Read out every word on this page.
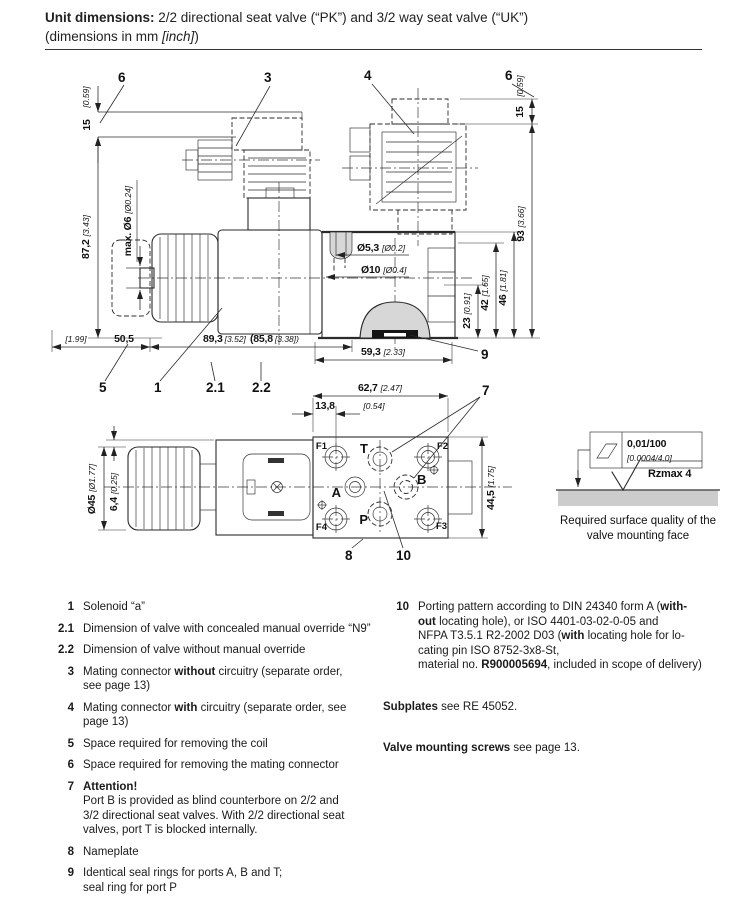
Unit dimensions: 2/2 directional seat valve (“PK”) and 3/2 way seat valve (“UK”)
(dimensions in mm [inch])
[0.59]
15
87,2[3.43]	max. Ø6[Ø0.24]
6	3
Ø5,3 [Ø0.2]
Ø10 [Ø0.4]
23[0.91] 42[1.65]
46[1.81]
93[3.66]
[0.59]
15
4	6
[1.99]	50,5	89,3 [3.52] (85,8 [3.38])
59,3 [2.33]
5	1	2.1 2.2
9
T
A
B
P
F1	F2
F3
F4
62,7 [2.47]
13,8	[0.54]
Ø45[Ø1.77]
6,4[0.25]
44,5[1.75]
7
8	10
0,01/100
[0.0004/4.0]
Rzmax 4
Required surface quality of the
valve mounting face
1 Solenoid “a”
2.1 Dimension of valve with concealed manual override “N9”
2.2 Dimension of valve without manual override
3 Mating connector without circuitry (separate order,
see page 13)
4 Mating connector with circuitry (separate order, see
page 13)
5 Space required for removing the coil
6 Space required for removing the mating connector
7 Attention!
Port B is provided as blind counterbore on 2/2 and
3/2 directional seat valves. With 2/2 directional seat
valves, port T is blocked internally.
8 Nameplate
9 Identical seal rings for ports A, B and T;
seal ring for port P
10 Porting pattern according to DIN 24340 form A (with-
out locating hole), or ISO 4401-03-02-0-05 and
NFPA T3.5.1 R2-2002 D03 (with locating hole for lo-
cating pin ISO 8752-3x8-St,
material no. R900005694, included in scope of delivery)
Subplates see RE 45052.
Valve mounting screws see page 13.
